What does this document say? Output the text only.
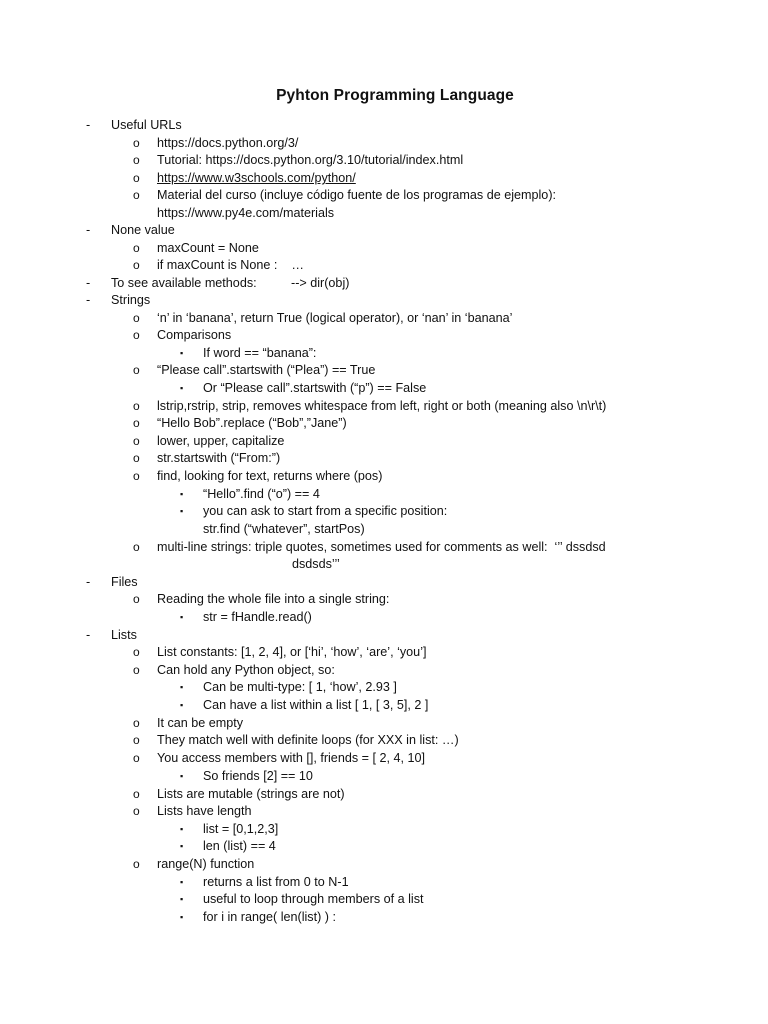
Pyhton Programming Language
- Useful URLs
o https://docs.python.org/3/
o Tutorial: https://docs.python.org/3.10/tutorial/index.html
o https://www.w3schools.com/python/
o Material del curso (incluye código fuente de los programas de ejemplo):
https://www.py4e.com/materials
- None value
o maxCount = None
o if maxCount is None :    …
- To see available methods:	--> dir(obj)
- Strings
o ‘n’ in ‘banana’, return True (logical operator), or ‘nan’ in ‘banana’
o Comparisons
▪ If word == “banana”:
o “Please call”.startswith (“Plea”) == True
▪ Or “Please call”.startswith (“p”) == False
o lstrip,rstrip, strip, removes whitespace from left, right or both (meaning also \n\r\t)
o “Hello Bob”.replace (“Bob”,”Jane”)
o lower, upper, capitalize
o str.startswith (“From:”)
o find, looking for text, returns where (pos)
▪ “Hello”.find (“o”) == 4
▪ you can ask to start from a specific position:
str.find (“whatever”, startPos)
o multi-line strings: triple quotes, sometimes used for comments as well:  ‘’’ dssdsd
dsdsds’’’
- Files
o Reading the whole file into a single string:
▪ str = fHandle.read()
- Lists
o List constants: [1, 2, 4], or [‘hi’, ‘how’, ‘are’, ‘you’]
o Can hold any Python object, so:
▪ Can be multi-type: [ 1, ‘how’, 2.93 ]
▪ Can have a list within a list [ 1, [ 3, 5], 2 ]
o It can be empty
o They match well with definite loops (for XXX in list: …)
o You access members with [], friends = [ 2, 4, 10]
▪ So friends [2] == 10
o Lists are mutable (strings are not)
o Lists have length
▪ list = [0,1,2,3]
▪ len (list) == 4
o range(N) function
▪ returns a list from 0 to N-1
▪ useful to loop through members of a list
▪ for i in range( len(list) ) :
